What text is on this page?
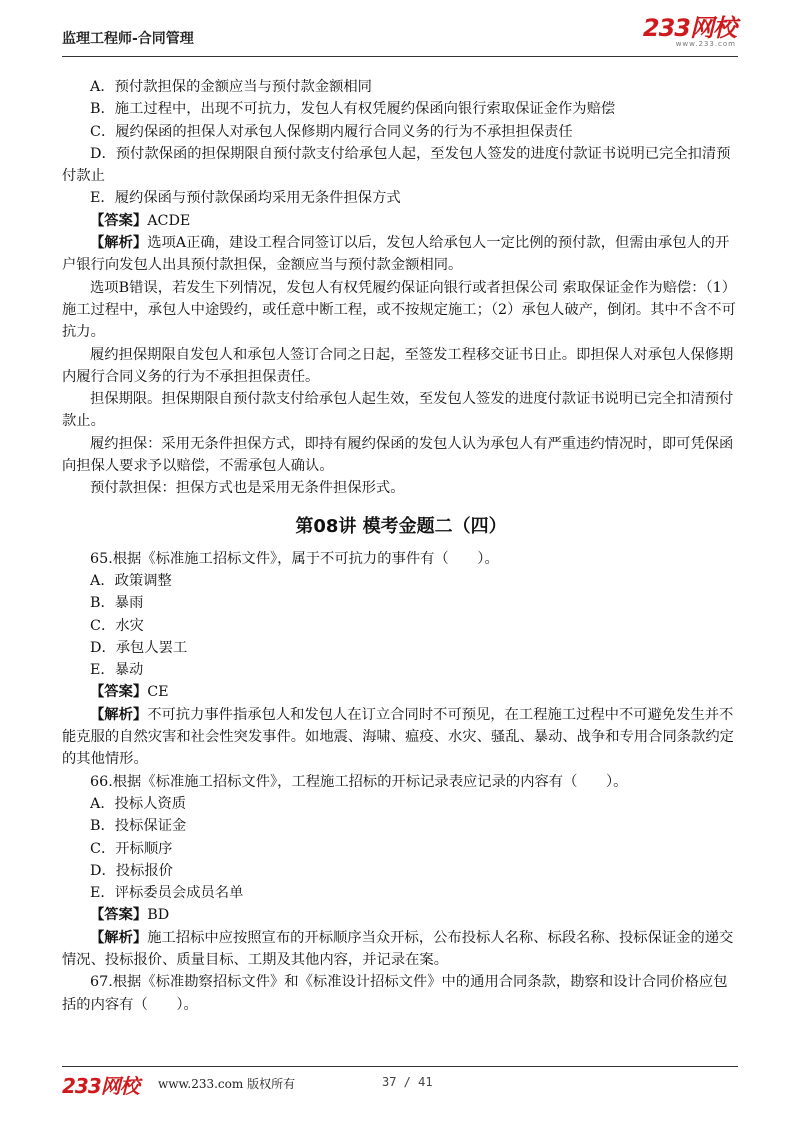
监理工程师-合同管理	233网校
www.233.com

A．预付款担保的金额应当与预付款金额相同

B．施工过程中，出现不可抗力，发包人有权凭履约保函向银行索取保证金作为赔偿

C．履约保函的担保人对承包人保修期内履行合同义务的行为不承担担保责任

D．预付款保函的担保期限自预付款支付给承包人起，至发包人签发的进度付款证书说明已完全扣清预付款止

E．履约保函与预付款保函均采用无条件担保方式

【答案】ACDE

【解析】选项A正确，建设工程合同签订以后，发包人给承包人一定比例的预付款，但需由承包人的开户银行向发包人出具预付款担保，金额应当与预付款金额相同。

选项B错误，若发生下列情况，发包人有权凭履约保证向银行或者担保公司 索取保证金作为赔偿：（1）施工过程中，承包人中途毁约，或任意中断工程，或不按规定施工；（2）承包人破产，倒闭。其中不含不可抗力。

履约担保期限自发包人和承包人签订合同之日起，至签发工程移交证书日止。即担保人对承包人保修期内履行合同义务的行为不承担担保责任。

担保期限。担保期限自预付款支付给承包人起生效，至发包人签发的进度付款证书说明已完全扣清预付款止。

履约担保：采用无条件担保方式，即持有履约保函的发包人认为承包人有严重违约情况时，即可凭保函向担保人要求予以赔偿，不需承包人确认。

预付款担保：担保方式也是采用无条件担保形式。

第08讲 模考金题二（四）

65.根据《标准施工招标文件》，属于不可抗力的事件有（　　）。

A．政策调整

B．暴雨

C．水灾

D．承包人罢工

E．暴动

【答案】CE

【解析】不可抗力事件指承包人和发包人在订立合同时不可预见，在工程施工过程中不可避免发生并不能克服的自然灾害和社会性突发事件。如地震、海啸、瘟疫、水灾、骚乱、暴动、战争和专用合同条款约定的其他情形。

66.根据《标准施工招标文件》，工程施工招标的开标记录表应记录的内容有（　　）。

A．投标人资质

B．投标保证金

C．开标顺序

D．投标报价

E．评标委员会成员名单

【答案】BD

【解析】施工招标中应按照宣布的开标顺序当众开标，公布投标人名称、标段名称、投标保证金的递交情况、投标报价、质量目标、工期及其他内容，并记录在案。

67.根据《标准勘察招标文件》和《标准设计招标文件》中的通用合同条款，勘察和设计合同价格应包括的内容有（　　）。

233网校 www.233.com 版权所有	37 / 41
